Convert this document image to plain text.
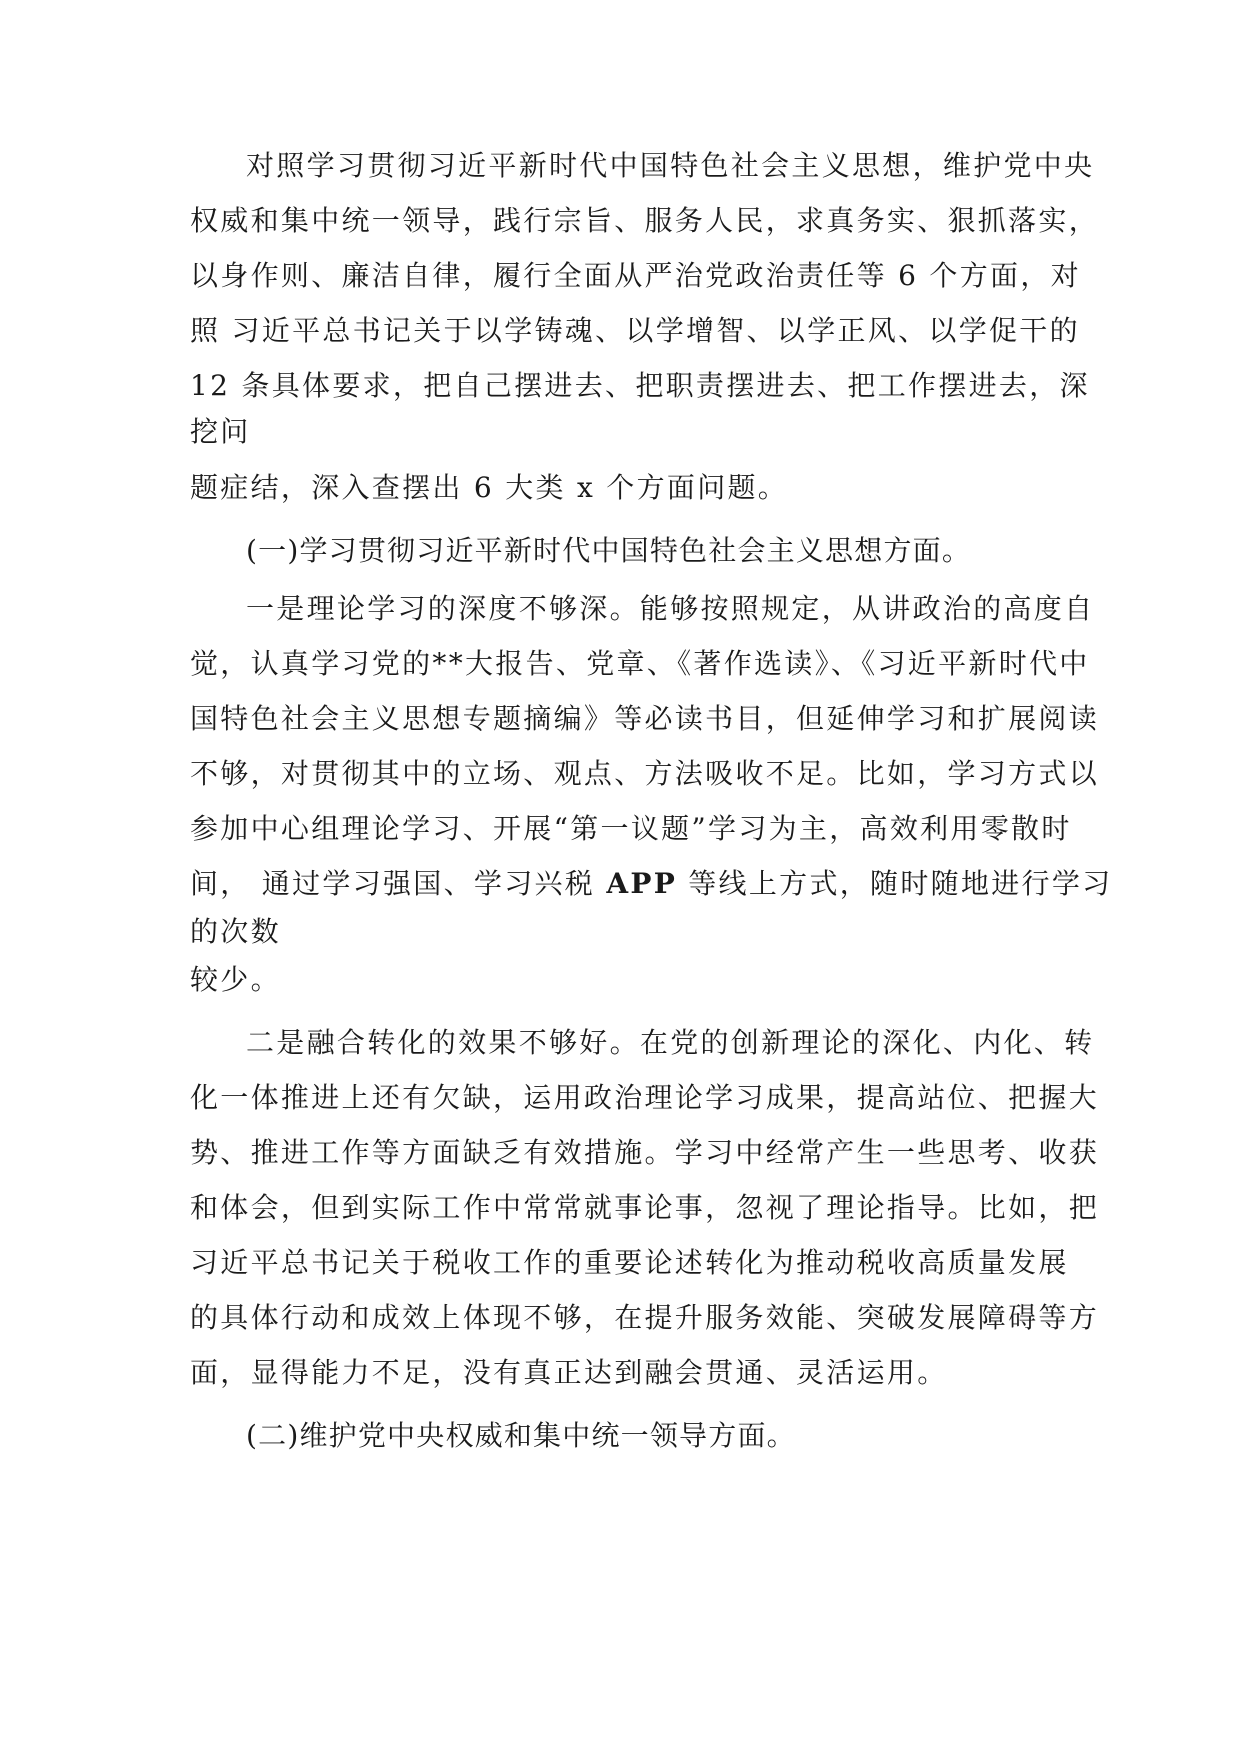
对照学习贯彻习近平新时代中国特色社会主义思想，维护党中央
权威和集中统一领导，践行宗旨、服务人民，求真务实、狠抓落实，
以身作则、廉洁自律，履行全面从严治党政治责任等 6 个方面，对
照 习近平总书记关于以学铸魂、以学增智、以学正风、以学促干的
12 条具体要求，把自己摆进去、把职责摆进去、把工作摆进去，深
挖问
题症结，深入查摆出 6 大类 x 个方面问题。
(一)学习贯彻习近平新时代中国特色社会主义思想方面。
一是理论学习的深度不够深。能够按照规定，从讲政治的高度自
觉，认真学习党的**大报告、党章、《著作选读》、《习近平新时代中
国特色社会主义思想专题摘编》等必读书目，但延伸学习和扩展阅读
不够，对贯彻其中的立场、观点、方法吸收不足。比如，学习方式以
参加中心组理论学习、开展“第一议题”学习为主，高效利用零散时
间， 通过学习强国、学习兴税 APP 等线上方式，随时随地进行学习
的次数
较少。
二是融合转化的效果不够好。在党的创新理论的深化、内化、转
化一体推进上还有欠缺，运用政治理论学习成果，提高站位、把握大
势、推进工作等方面缺乏有效措施。学习中经常产生一些思考、收获
和体会，但到实际工作中常常就事论事，忽视了理论指导。比如，把
习近平总书记关于税收工作的重要论述转化为推动税收高质量发展
的具体行动和成效上体现不够，在提升服务效能、突破发展障碍等方
面，显得能力不足，没有真正达到融会贯通、灵活运用。
(二)维护党中央权威和集中统一领导方面。
